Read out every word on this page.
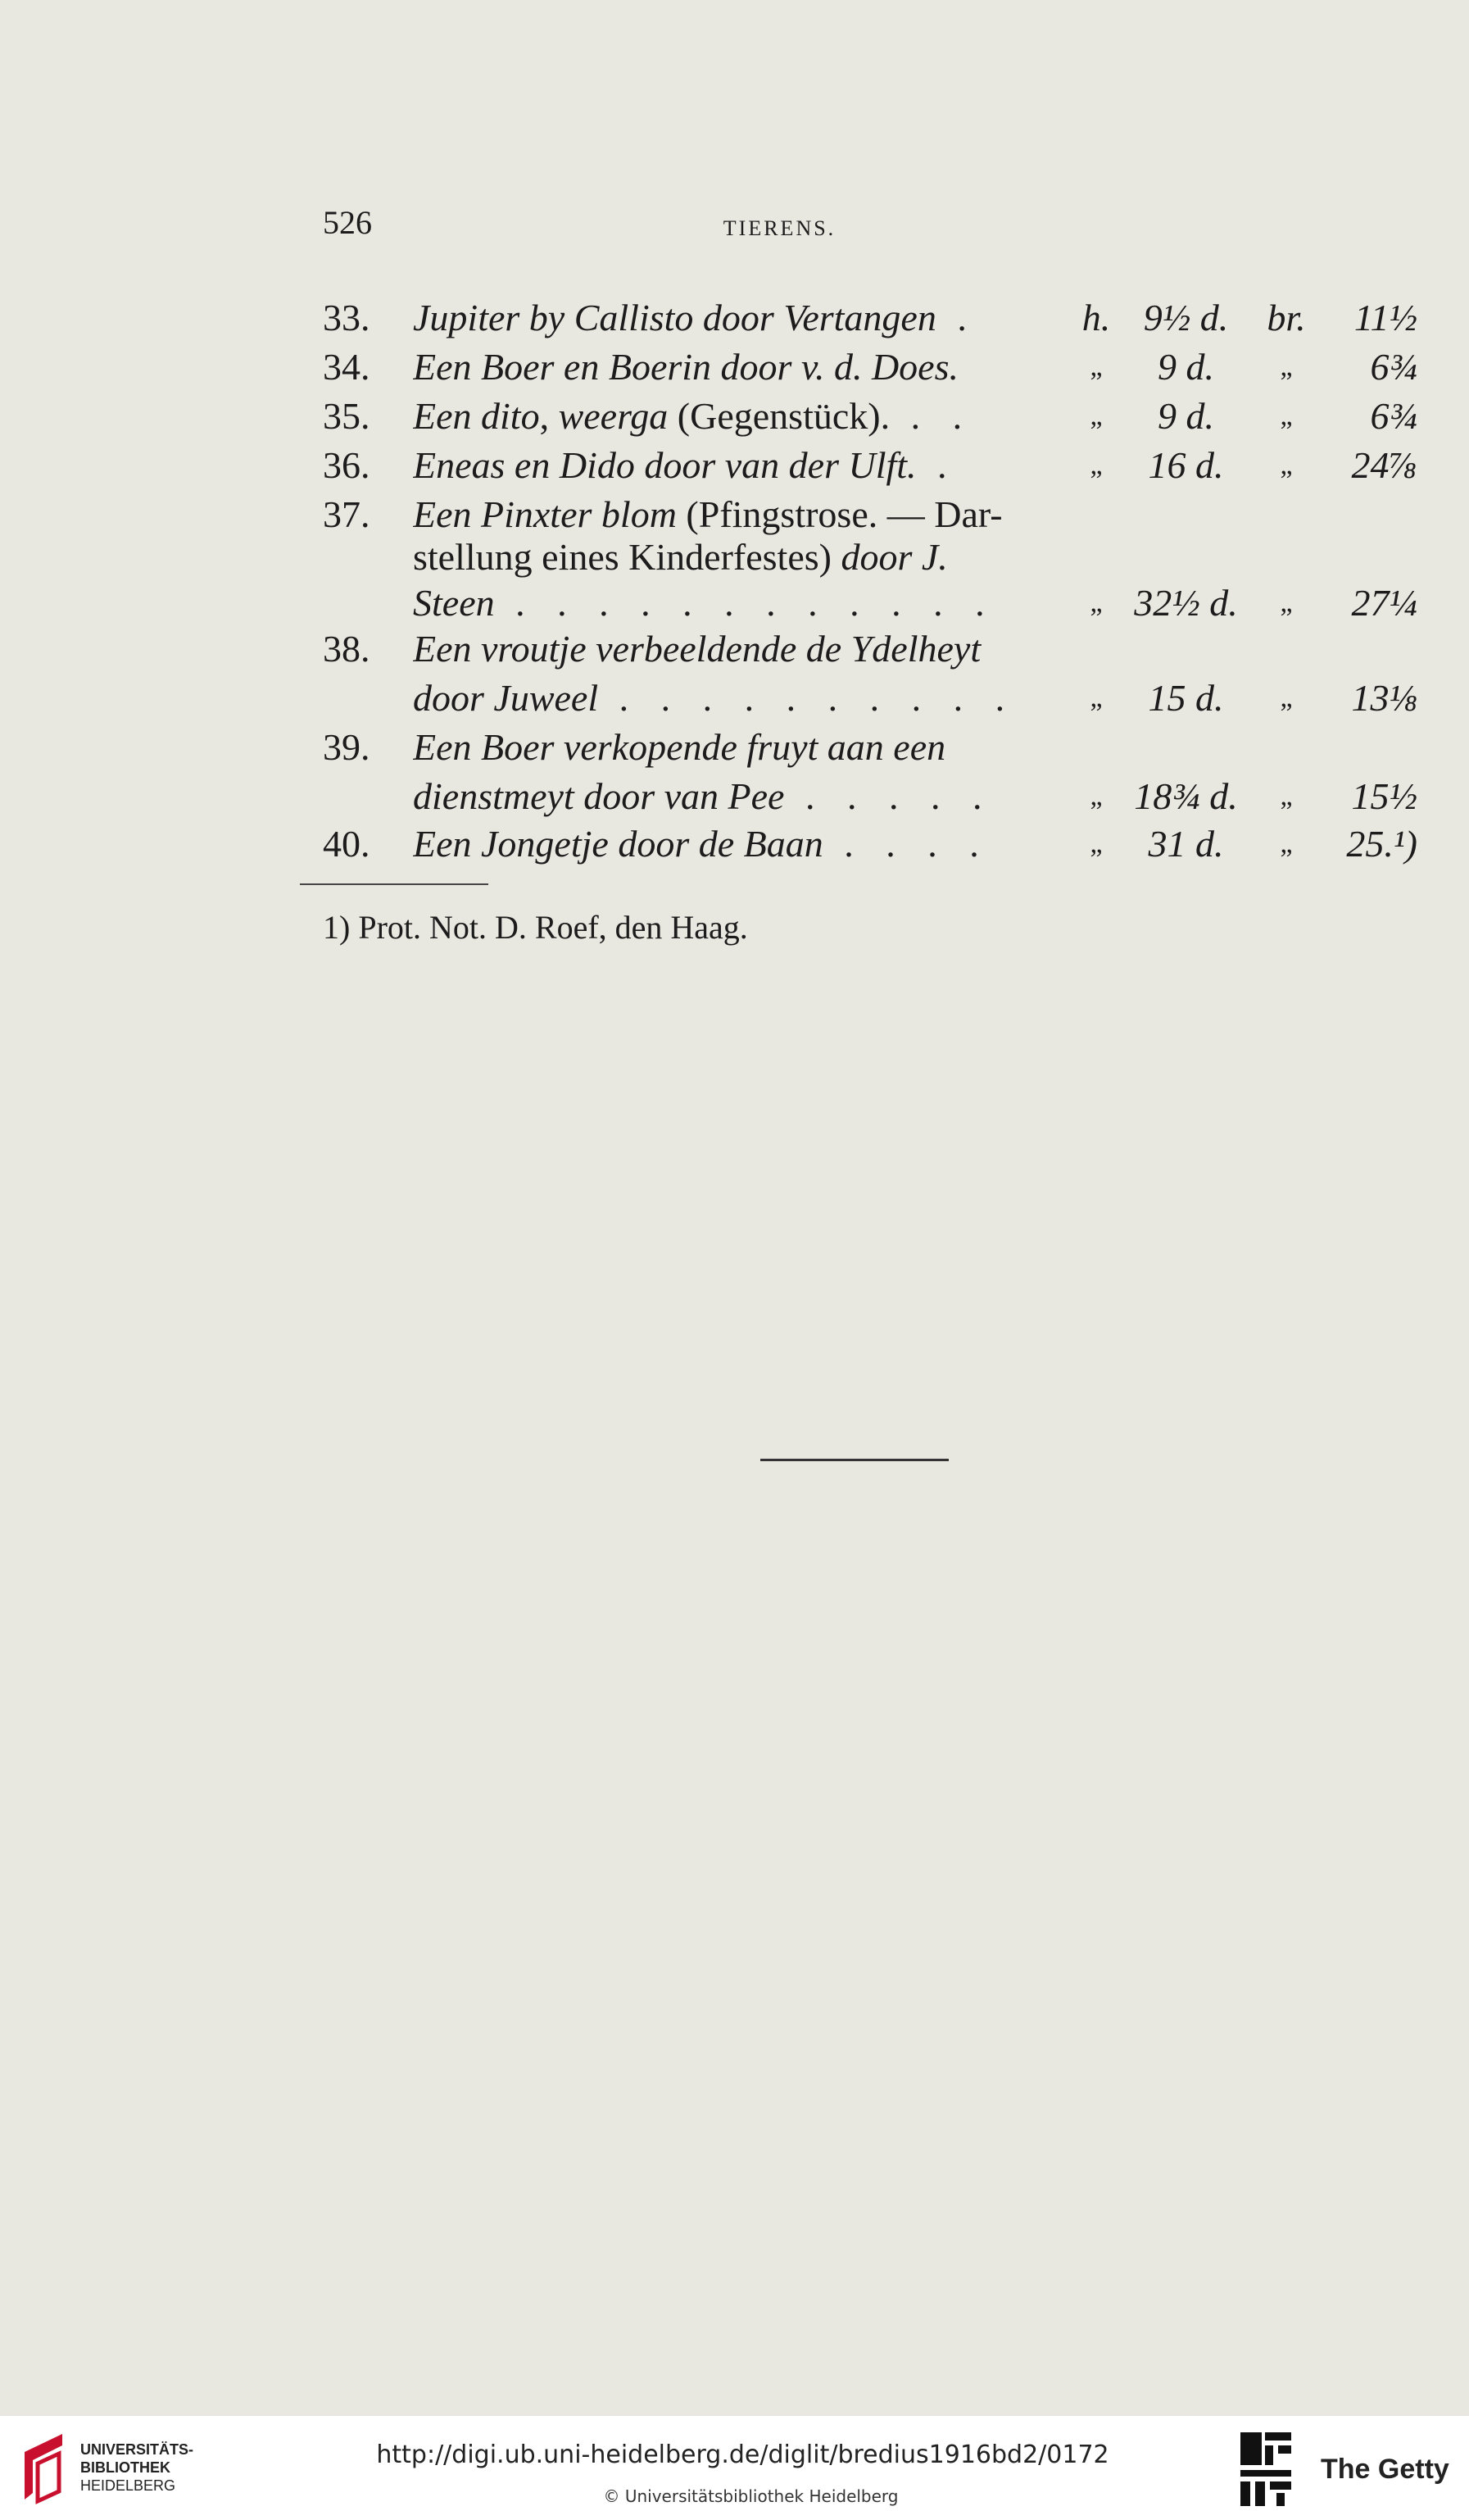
526	TIERENS.
33.	Jupiter by Callisto door Vertangen .	h. 9½ d.	br.	11½
34.	Een Boer en Boerin door v. d. Does.	„	9 d.	„	6¾
35.	Een dito, weerga (Gegenstück). . .	„	9 d.	„	6¾
36.	Eneas en Dido door van der Ulft. .	„	16 d.	„	24⅞
37.	Een Pinxter blom (Pfingstrose. — Dar-
stellung eines Kinderfestes) door J.
Steen . . . . . . . . . . . .	„ 32½ d.	„	27¼
38.	Een vroutje verbeeldende de Ydelheyt
door Juweel . . . . . . . . . .	„	15 d.	„	13⅛
39.	Een Boer verkopende fruyt aan een
dienstmeyt door van Pee . . . . .	„ 18¾ d.	„	15½
40.	Een Jongetje door de Baan . . . .	„	31 d.	„	25.¹)
1) Prot. Not. D. Roef, den Haag.
UNIVERSITÄTS-
BIBLIOTHEK
HEIDELBERG
http://digi.ub.uni-heidelberg.de/diglit/bredius1916bd2/0172
© Universitätsbibliothek Heidelberg
The Getty
